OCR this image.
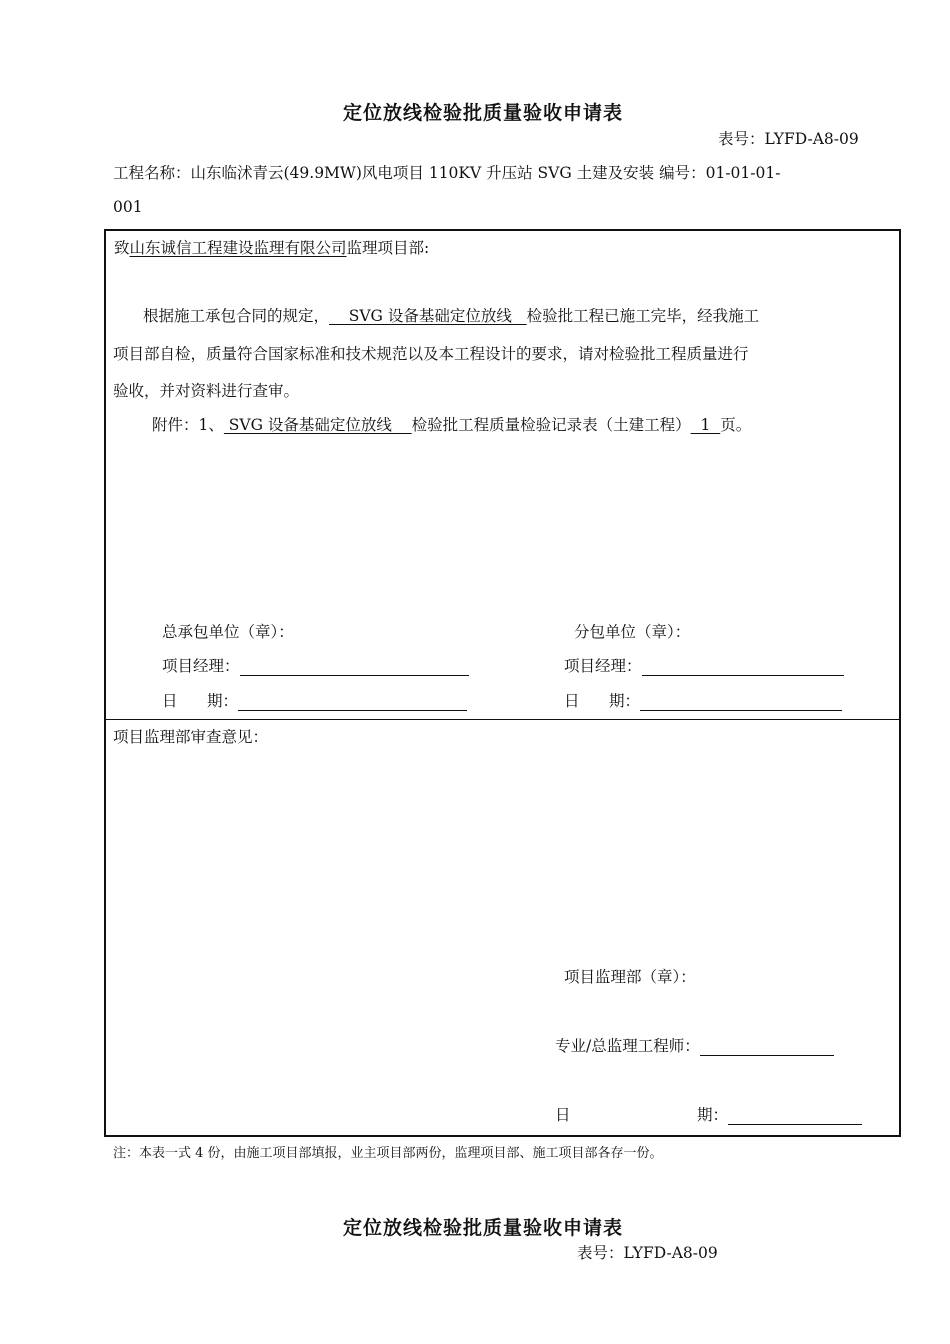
定位放线检验批质量验收申请表
表号：LYFD-A8-09
工程名称：山东临沭青云(49.9MW)风电项目 110KV 升压站 SVG 土建及安装 编号：01-01-01-
001
致山东诚信工程建设监理有限公司监理项目部:
根据施工承包合同的规定，    SVG 设备基础定位放线   检验批工程已施工完毕，经我施工
项目部自检，质量符合国家标准和技术规范以及本工程设计的要求，请对检验批工程质量进行
验收，并对资料进行查审。
附件：1、 SVG 设备基础定位放线    检验批工程质量检验记录表（土建工程）  1  页。
总承包单位（章）：
项目经理：
日      期：
分包单位（章）：
项目经理：
日      期：
项目监理部审查意见：
项目监理部（章）：
专业/总监理工程师：
日	期：
注：本表一式 4 份，由施工项目部填报，业主项目部两份，监理项目部、施工项目部各存一份。
定位放线检验批质量验收申请表
表号：LYFD-A8-09
